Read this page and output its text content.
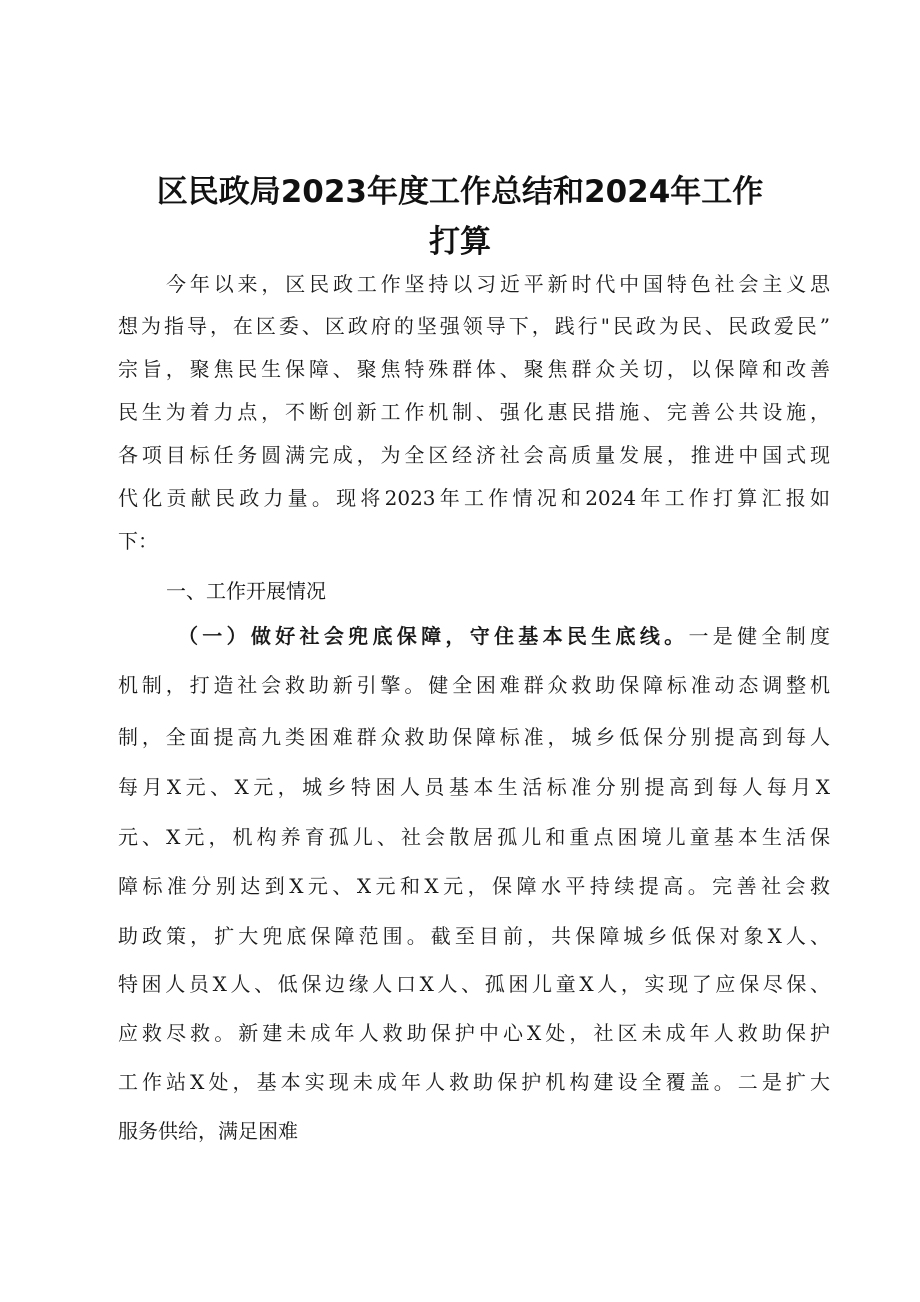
区民政局2023年度工作总结和2024年工作
打算
今年以来，区民政工作坚持以习近平新时代中国特色社会主义思
想为指导，在区委、区政府的坚强领导下，践行"民政为民、民政爱民”
宗旨，聚焦民生保障、聚焦特殊群体、聚焦群众关切，以保障和改善
民生为着力点，不断创新工作机制、强化惠民措施、完善公共设施，
各项目标任务圆满完成，为全区经济社会高质量发展，推进中国式现
代化贡献民政力量。现将2023年工作情况和2024年工作打算汇报如
下：
一、工作开展情况
（一）做好社会兜底保障，守住基本民生底线。一是健全制度
机制，打造社会救助新引擎。健全困难群众救助保障标准动态调整机
制，全面提高九类困难群众救助保障标准，城乡低保分别提高到每人
每月X元、X元，城乡特困人员基本生活标准分别提高到每人每月X
元、X元，机构养育孤儿、社会散居孤儿和重点困境儿童基本生活保
障标准分别达到X元、X元和X元，保障水平持续提高。完善社会救
助政策，扩大兜底保障范围。截至目前，共保障城乡低保对象X人、
特困人员X人、低保边缘人口X人、孤困儿童X人，实现了应保尽保、
应救尽救。新建未成年人救助保护中心X处，社区未成年人救助保护
工作站X处，基本实现未成年人救助保护机构建设全覆盖。二是扩大
服务供给，满足困难
